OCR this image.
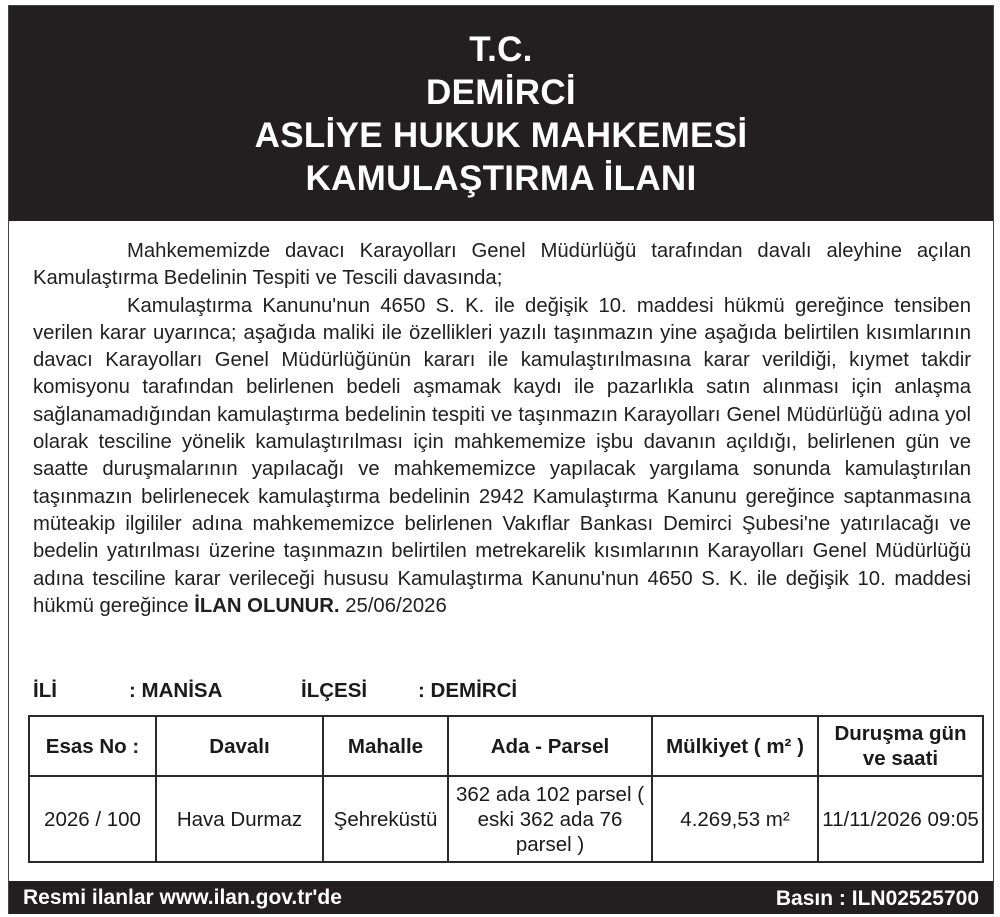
T.C.
DEMİRCİ
ASLİYE HUKUK MAHKEMESİ
KAMULAŞTIRMA İLANI

Mahkememizde davacı Karayolları Genel Müdürlüğü tarafından davalı aleyhine açılan Kamulaştırma Bedelinin Tespiti ve Tescili davasında;

Kamulaştırma Kanunu'nun 4650 S. K. ile değişik 10. maddesi hükmü gereğince tensiben verilen karar uyarınca; aşağıda maliki ile özellikleri yazılı taşınmazın yine aşağıda belirtilen kısımlarının davacı Karayolları Genel Müdürlüğünün kararı ile kamulaştırılmasına karar verildiği, kıymet takdir komisyonu tarafından belirlenen bedeli aşmamak kaydı ile pazarlıkla satın alınması için anlaşma sağlanamadığından kamulaştırma bedelinin tespiti ve taşınmazın Karayolları Genel Müdürlüğü adına yol olarak tesciline yönelik kamulaştırılması için mahkememize işbu davanın açıldığı, belirlenen gün ve saatte duruşmalarının yapılacağı ve mahkememizce yapılacak yargılama sonunda kamulaştırılan taşınmazın belirlenecek kamulaştırma bedelinin 2942 Kamulaştırma Kanunu gereğince saptanmasına müteakip ilgililer adına mahkememizce belirlenen Vakıflar Bankası Demirci Şubesi'ne yatırılacağı ve bedelin yatırılması üzerine taşınmazın belirtilen metrekarelik kısımlarının Karayolları Genel Müdürlüğü adına tesciline karar verileceği hususu Kamulaştırma Kanunu'nun 4650 S. K. ile değişik 10. maddesi hükmü gereğince İLAN OLUNUR. 25/06/2026

İLİ	: MANİSA	İLÇESİ : DEMİRCİ
Esas No :	Davalı	Mahalle	Ada - Parsel	Mülkiyet ( m² )	Duruşma gün ve saati
2026 / 100	Hava Durmaz	Şehreküstü	362 ada 102 parsel ( eski 362 ada 76 parsel )	4.269,53 m²	11/11/2026 09:05
Resmi ilanlar www.ilan.gov.tr'de	Basın : ILN02525700
